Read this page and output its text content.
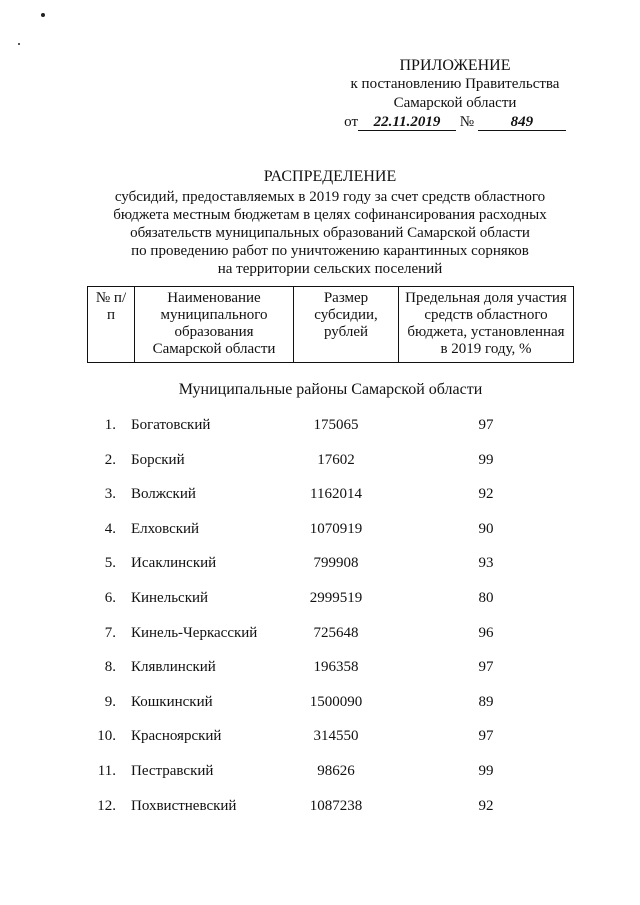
ПРИЛОЖЕНИЕ
к постановлению Правительства
Самарской области
от 22.11.2019 № 849
РАСПРЕДЕЛЕНИЕ
субсидий, предоставляемых в 2019 году за счет средств областного
бюджета местным бюджетам в целях софинансирования расходных
обязательств муниципальных образований Самарской области
по проведению работ по уничтожению карантинных сорняков
на территории сельских поселений
№ п/п	Наименование муниципального образования Самарской области	Размер субсидии, рублей	Предельная доля участия средств областного бюджета, установленная в 2019 году, %
Муниципальные районы Самарской области
1. Богатовский	175065	97
2. Борский	17602	99
3. Волжский	1162014	92
4. Елховский	1070919	90
5. Исаклинский	799908	93
6. Кинельский	2999519	80
7. Кинель-Черкасский	725648	96
8. Клявлинский	196358	97
9. Кошкинский	1500090	89
10. Красноярский	314550	97
11. Пестравский	98626	99
12. Похвистневский	1087238	92
